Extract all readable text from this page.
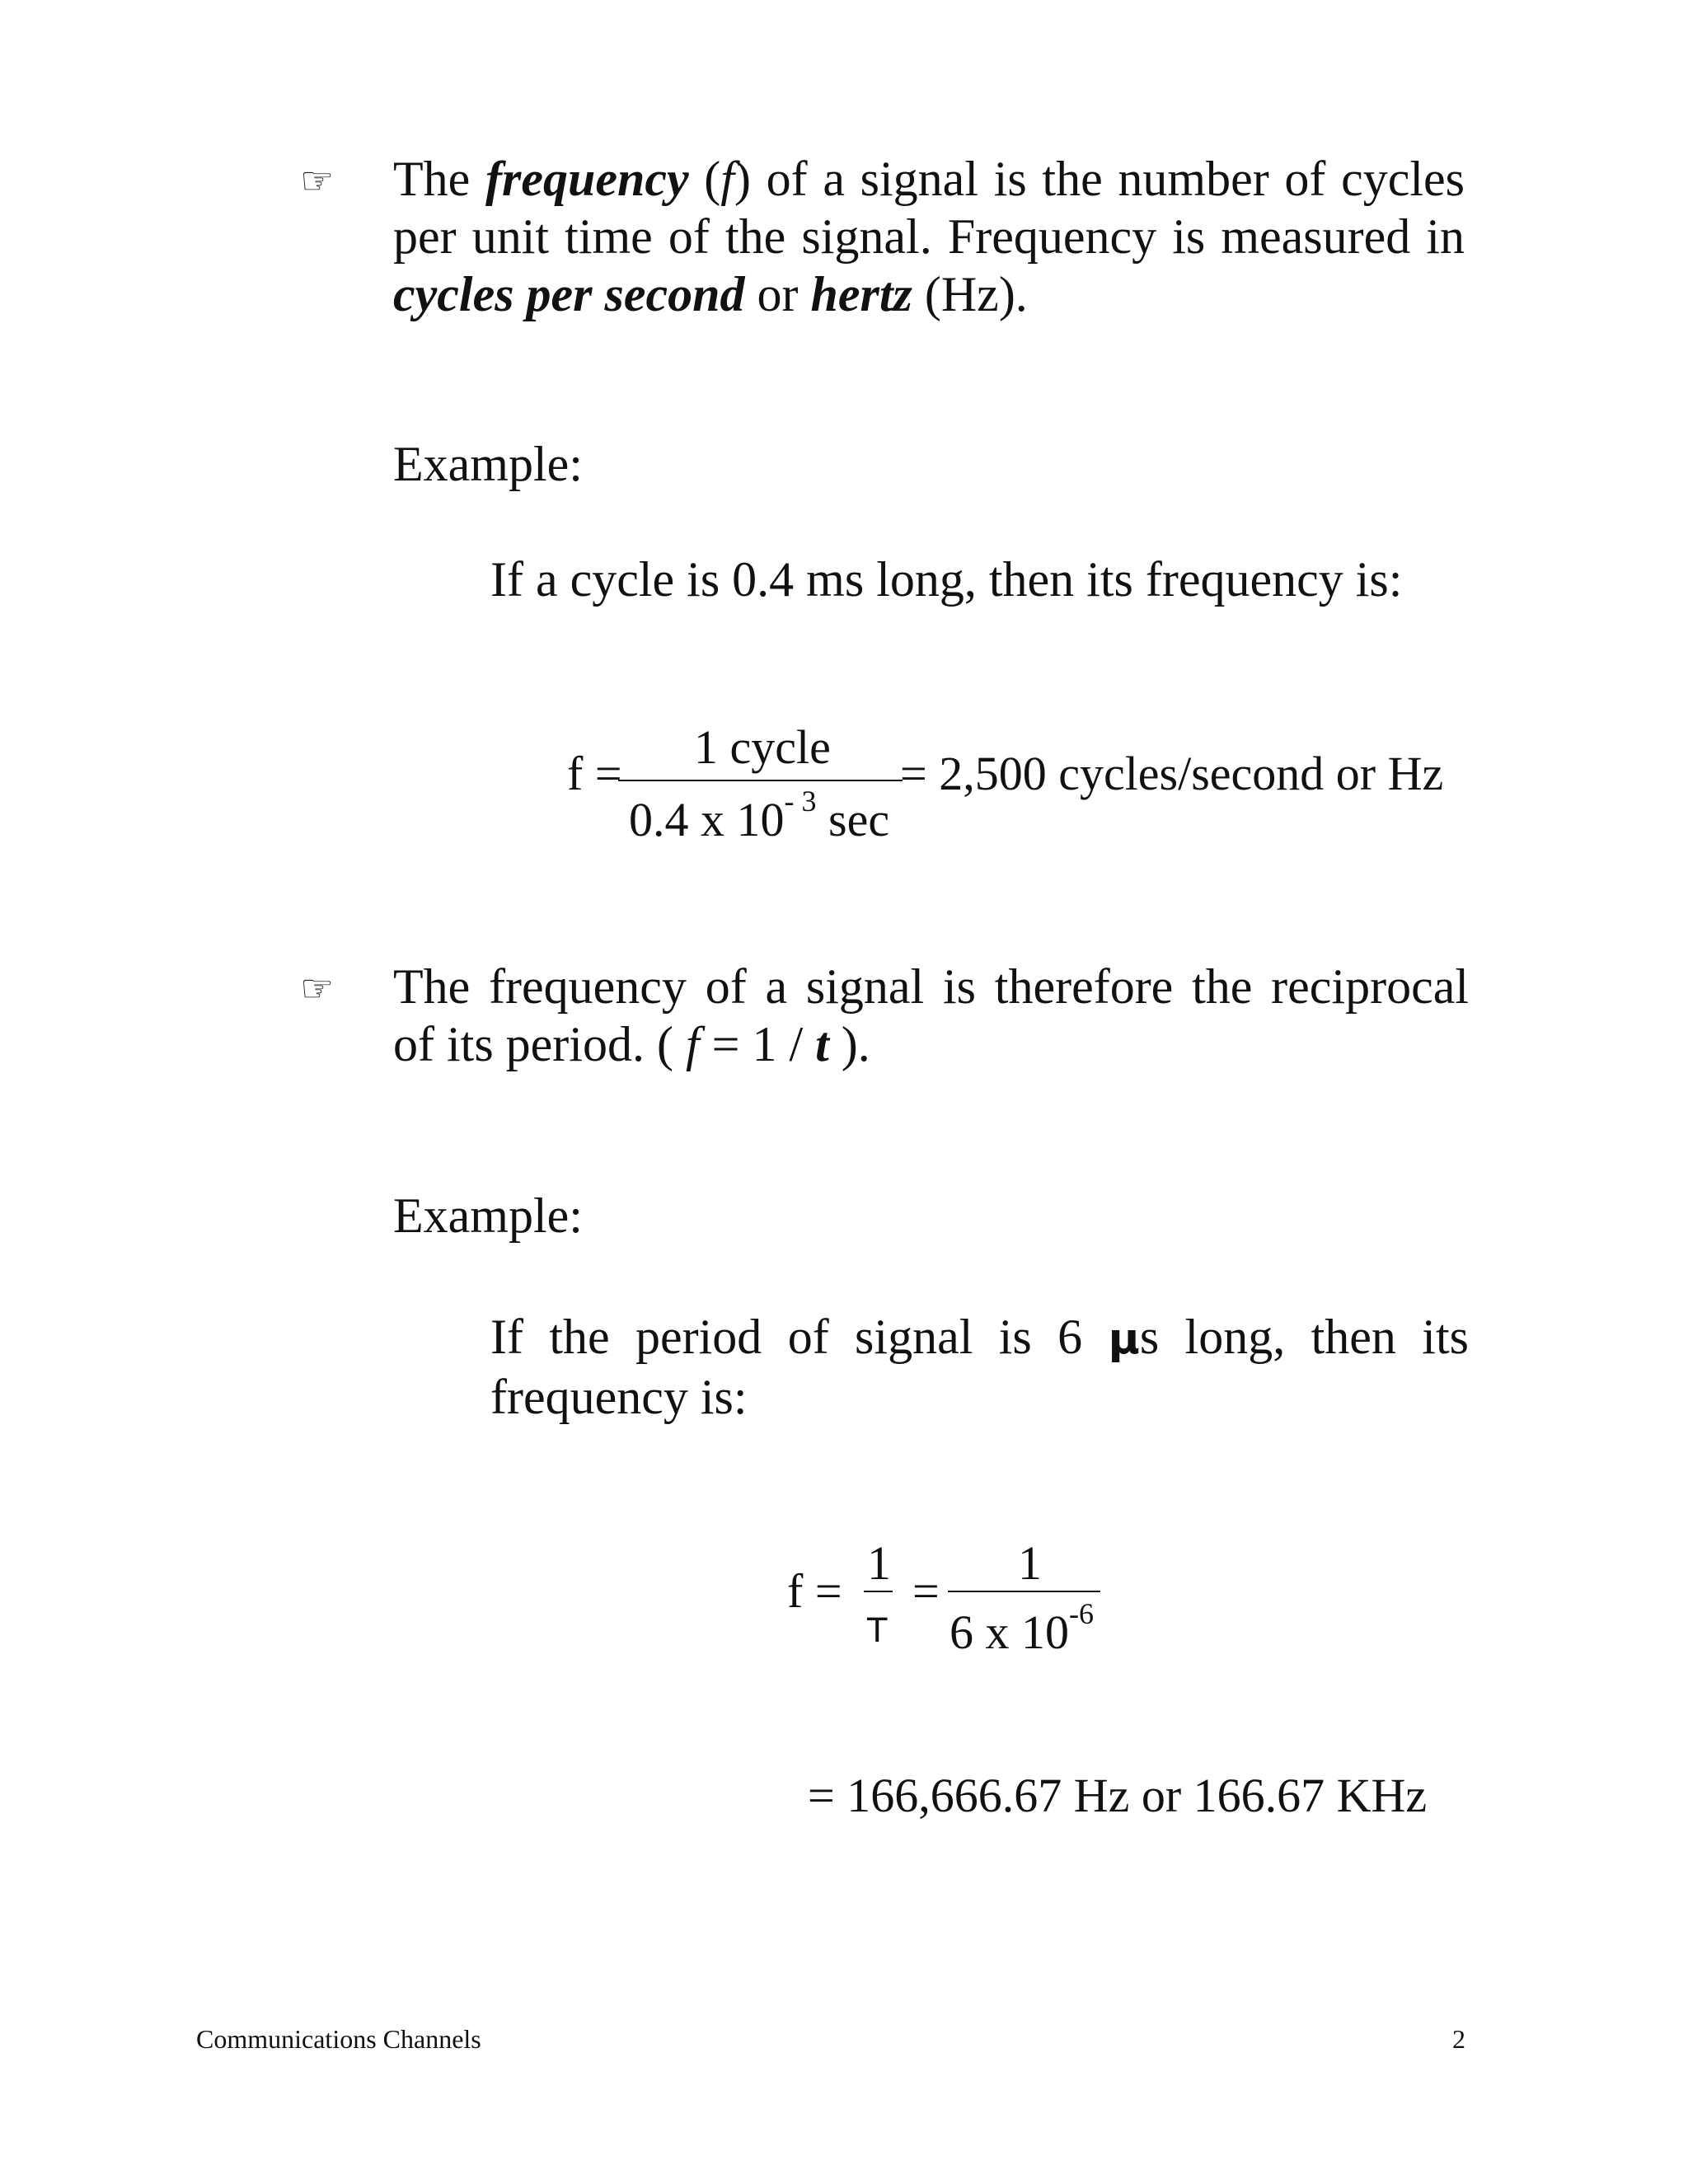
☞ The frequency (f) of a signal is the number of cycles per unit time of the signal. Frequency is measured in cycles per second or hertz (Hz).
Example:
If a cycle is 0.4 ms long, then its frequency is:
f = 1 cycle
0.4 x $10^{- 3}$ sec
= 2,500 cycles/second or Hz
☞ The frequency of a signal is therefore the reciprocal of its period. ( f = 1 / t ).
Example:
If the period of signal is 6 µs long, then its frequency is:
f =
1
T
=
1
6 x $10^{-6}$
= 166,666.67 Hz or 166.67 KHz
Communications Channels	2
